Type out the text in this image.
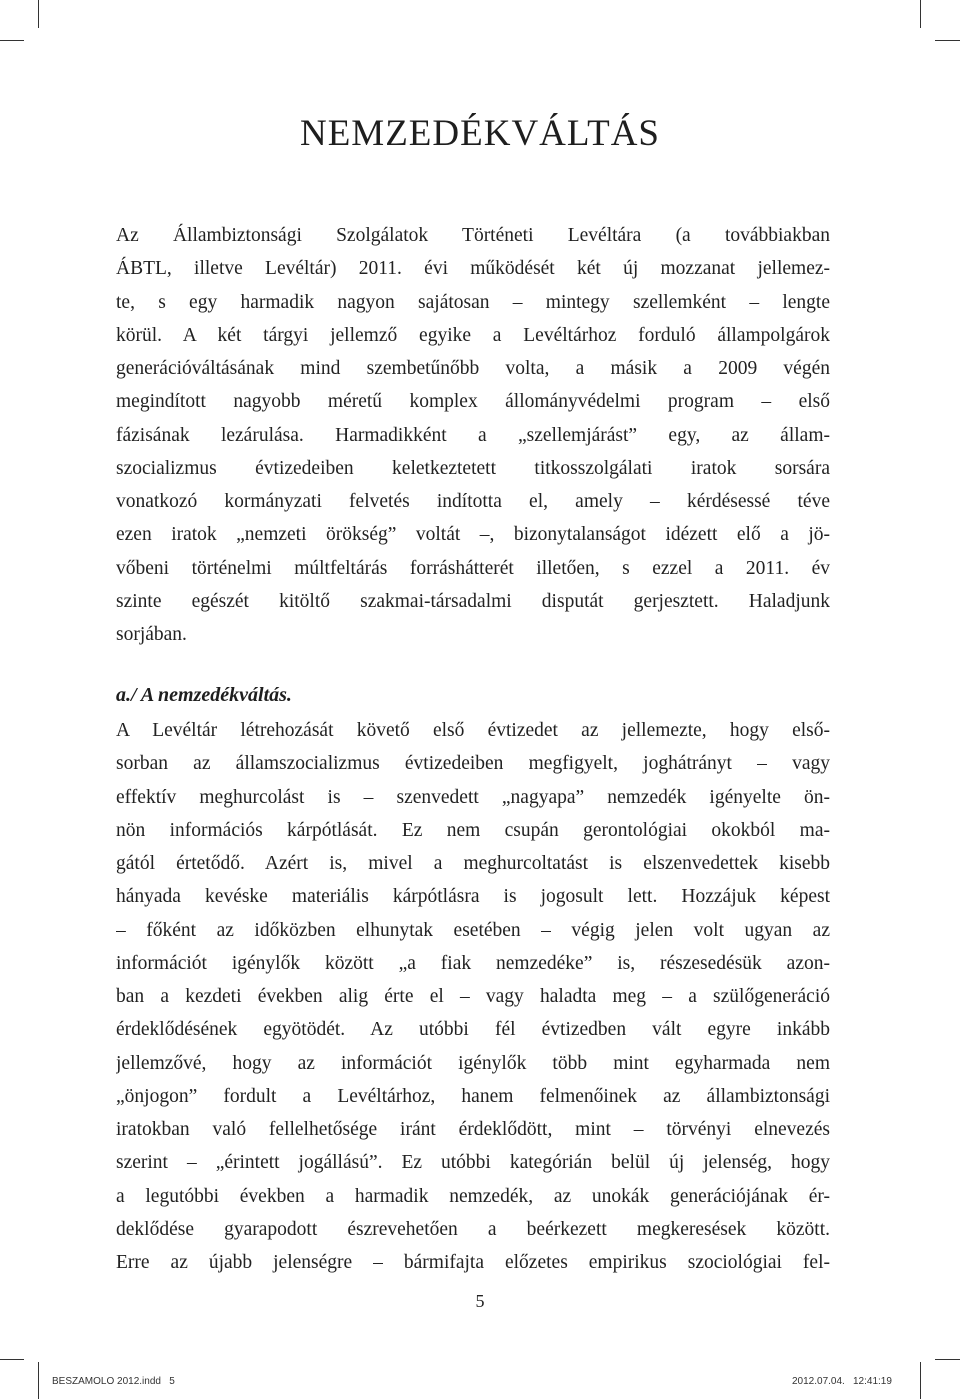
NEMZEDÉKVÁLTÁS
Az Állambiztonsági Szolgálatok Történeti Levéltára (a továbbiakban
ÁBTL, illetve Levéltár) 2011. évi működését két új mozzanat jellemez-
te, s egy harmadik nagyon sajátosan – mintegy szellemként – lengte
körül. A két tárgyi jellemző egyike a Levéltárhoz forduló állampolgárok
generációváltásának mind szembetűnőbb volta, a másik a 2009 végén
megindított nagyobb méretű komplex állományvédelmi program – első
fázisának lezárulása. Harmadikként a „szellemjárást” egy, az állam-
szocializmus évtizedeiben keletkeztetett titkosszolgálati iratok sorsára
vonatkozó kormányzati felvetés indította el, amely – kérdésessé téve
ezen iratok „nemzeti örökség” voltát –, bizonytalanságot idézett elő a jö-
vőbeni történelmi múltfeltárás forráshátterét illetően, s ezzel a 2011. év
szinte egészét kitöltő szakmai-társadalmi disputát gerjesztett. Haladjunk
sorjában.
a./ A nemzedékváltás.
A Levéltár létrehozását követő első évtizedet az jellemezte, hogy első-
sorban az államszocializmus évtizedeiben megfigyelt, joghátrányt – vagy
effektív meghurcolást is – szenvedett „nagyapa” nemzedék igényelte ön-
nön információs kárpótlását. Ez nem csupán gerontológiai okokból ma-
gától értetődő. Azért is, mivel a meghurcoltatást is elszenvedettek kisebb
hányada kevéske materiális kárpótlásra is jogosult lett. Hozzájuk képest
– főként az időközben elhunytak esetében – végig jelen volt ugyan az
információt igénylők között „a fiak nemzedéke” is, részesedésük azon-
ban a kezdeti években alig érte el – vagy haladta meg – a szülőgeneráció
érdeklődésének egyötödét. Az utóbbi fél évtizedben vált egyre inkább
jellemzővé, hogy az információt igénylők több mint egyharmada nem
„önjogon” fordult a Levéltárhoz, hanem felmenőinek az állambiztonsági
iratokban való fellelhetősége iránt érdeklődött, mint – törvényi elnevezés
szerint – „érintett jogállású”. Ez utóbbi kategórián belül új jelenség, hogy
a legutóbbi években a harmadik nemzedék, az unokák generációjának ér-
deklődése gyarapodott észrevehetően a beérkezett megkeresések között.
Erre az újabb jelenségre – bármifajta előzetes empirikus szociológiai fel-
5
BESZAMOLO 2012.indd   5	2012.07.04. 12:41:19
